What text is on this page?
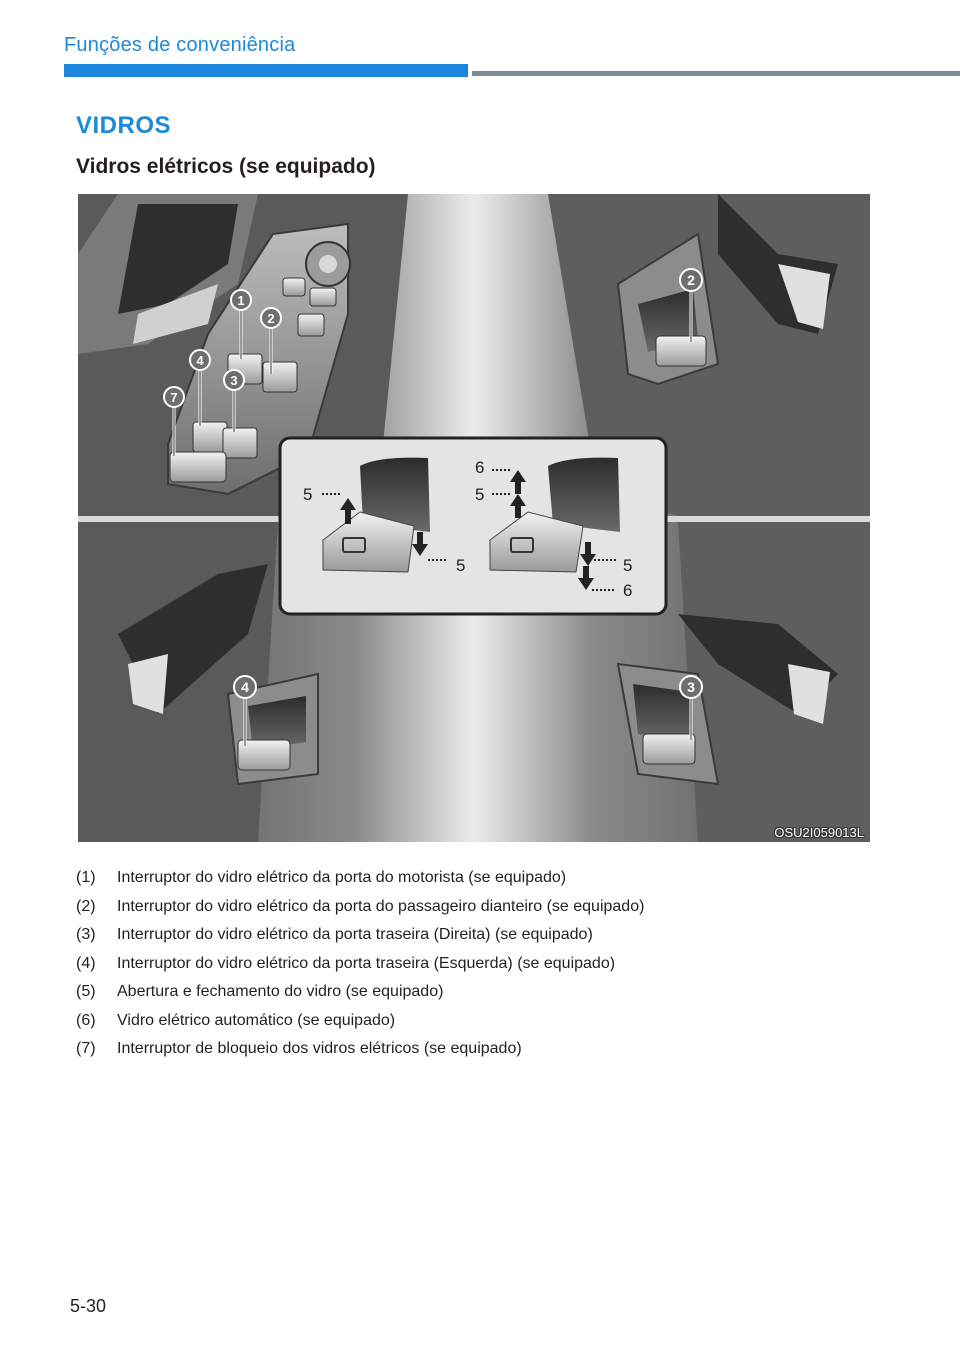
Funções de conveniência
VIDROS
Vidros elétricos (se equipado)
1
2
3
4
7
2
4	3
5
5
6
5
5
6
OSU2I059013L
(1)	Interruptor do vidro elétrico da porta do motorista (se equipado)
(2)	Interruptor do vidro elétrico da porta do passageiro dianteiro (se equipado)
(3)	Interruptor do vidro elétrico da porta traseira (Direita) (se equipado)
(4)	Interruptor do vidro elétrico da porta traseira (Esquerda) (se equipado)
(5)	Abertura e fechamento do vidro (se equipado)
(6)	Vidro elétrico automático (se equipado)
(7)	Interruptor de bloqueio dos vidros elétricos (se equipado)
5-30
